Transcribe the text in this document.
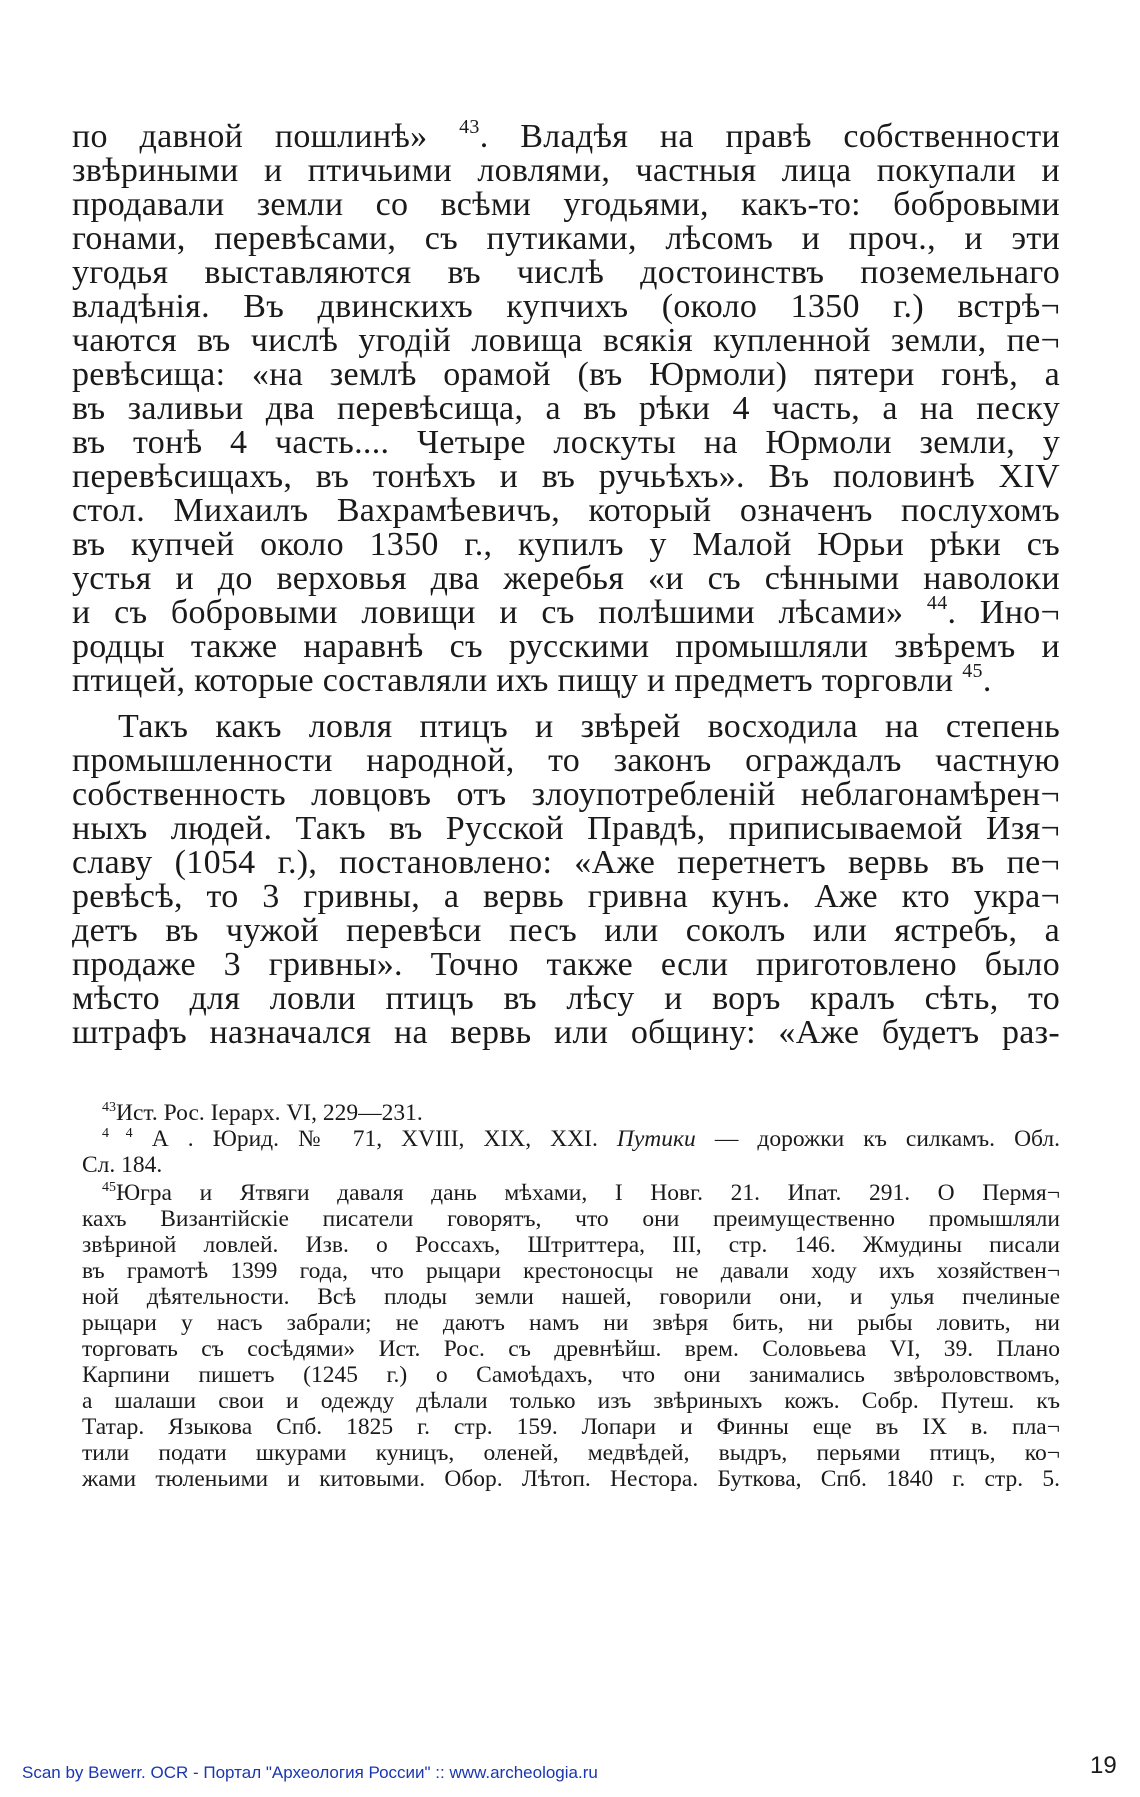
по давной пошлинѣ» $^{43}$. Владѣя на правѣ собственности
звѣриными и птичьими ловлями, частныя лица покупали и
продавали земли со всѣми угодьями, какъ-то: бобровыми
гонами, перевѣсами, съ путиками, лѣсомъ и проч., и эти
угодья выставляются въ числѣ достоинствъ поземельнаго
владѣнія. Въ двинскихъ купчихъ (около 1350 г.) встрѣ¬
чаются въ числѣ угодій ловища всякія купленной земли, пе¬
ревѣсища: «на землѣ орамой (въ Юрмоли) пятери гонѣ, а
въ заливьи два перевѣсища, а въ рѣки 4 часть, а на песку
въ тонѣ 4 часть.... Четыре лоскуты на Юрмоли земли, у
перевѣсищахъ, въ тонѣхъ и въ ручьѣхъ». Въ половинѣ XIV
стол. Михаилъ Вахрамѣевичъ, который означенъ послухомъ
въ купчей около 1350 г., купилъ у Малой Юрьи рѣки съ
устья и до верховья два жеребья «и съ сѣнными наволоки
и съ бобровыми ловищи и съ полѣшими лѣсами» $^{44}$. Ино¬
родцы также наравнѣ съ русскими промышляли звѣремъ и
птицей, которые составляли ихъ пищу и предметъ торговли $^{45}$.
Такъ какъ ловля птицъ и звѣрей восходила на степень
промышленности народной, то законъ ограждалъ частную
собственность ловцовъ отъ злоупотребленій неблагонамѣрен¬
ныхъ людей. Такъ въ Русской Правдѣ, приписываемой Изя¬
славу (1054 г.), постановлено: «Аже перетнетъ вервь въ пе¬
ревѣсѣ, то 3 гривны, а вервь гривна кунъ. Аже кто укра¬
детъ въ чужой перевѣси песъ или соколъ или ястребъ, а
продаже 3 гривны». Точно также если приготовлено было
мѣсто для ловли птицъ въ лѣсу и воръ кралъ сѣть, то
штрафъ назначался на вервь или общину: «Аже будетъ раз-
$^{43}$Ист. Рос. Iерарх. VI, 229—231.
$^{4 4}$ А . Юрид. № 71, XVIII, XIX, XXI. Путики — дорожки къ силкамъ. Обл.
Сл. 184.
$^{45}$Югра и Ятвяги даваля дань мѣхами, I Новг. 21. Ипат. 291. О Пермя¬
кахъ Византiйскiе писатели говорятъ, что они преимущественно промышляли
звѣриной ловлей. Изв. о Россахъ, Штриттера, III, стр. 146. Жмудины писали
въ грамотѣ 1399 года, что рыцари крестоносцы не давали ходу ихъ хозяйствен¬
ной дѣятельности. Всѣ плоды земли нашей, говорили они, и улья пчелиные
рыцари у насъ забрали; не даютъ намъ ни звѣря бить, ни рыбы ловить, ни
торговать съ сосѣдями» Ист. Рос. съ древнѣйш. врем. Соловьева VI, 39. Плано
Карпини пишетъ (1245 г.) о Самоѣдахъ, что они занимались звѣроловствомъ,
а шалаши свои и одежду дѣлали только изъ звѣриныхъ кожъ. Собр. Путеш. къ
Татар. Языкова Спб. 1825 г. стр. 159. Лопари и Финны еще въ IX в. пла¬
тили подати шкурами куницъ, оленей, медвѣдей, выдръ, перьями птицъ, ко¬
жами тюленьими и китовыми. Обор. Лѣтоп. Нестора. Буткова, Спб. 1840 г. стр. 5.
Scan by Bewerr. OCR - Портал "Археология России" :: www.archeologia.ru	19
